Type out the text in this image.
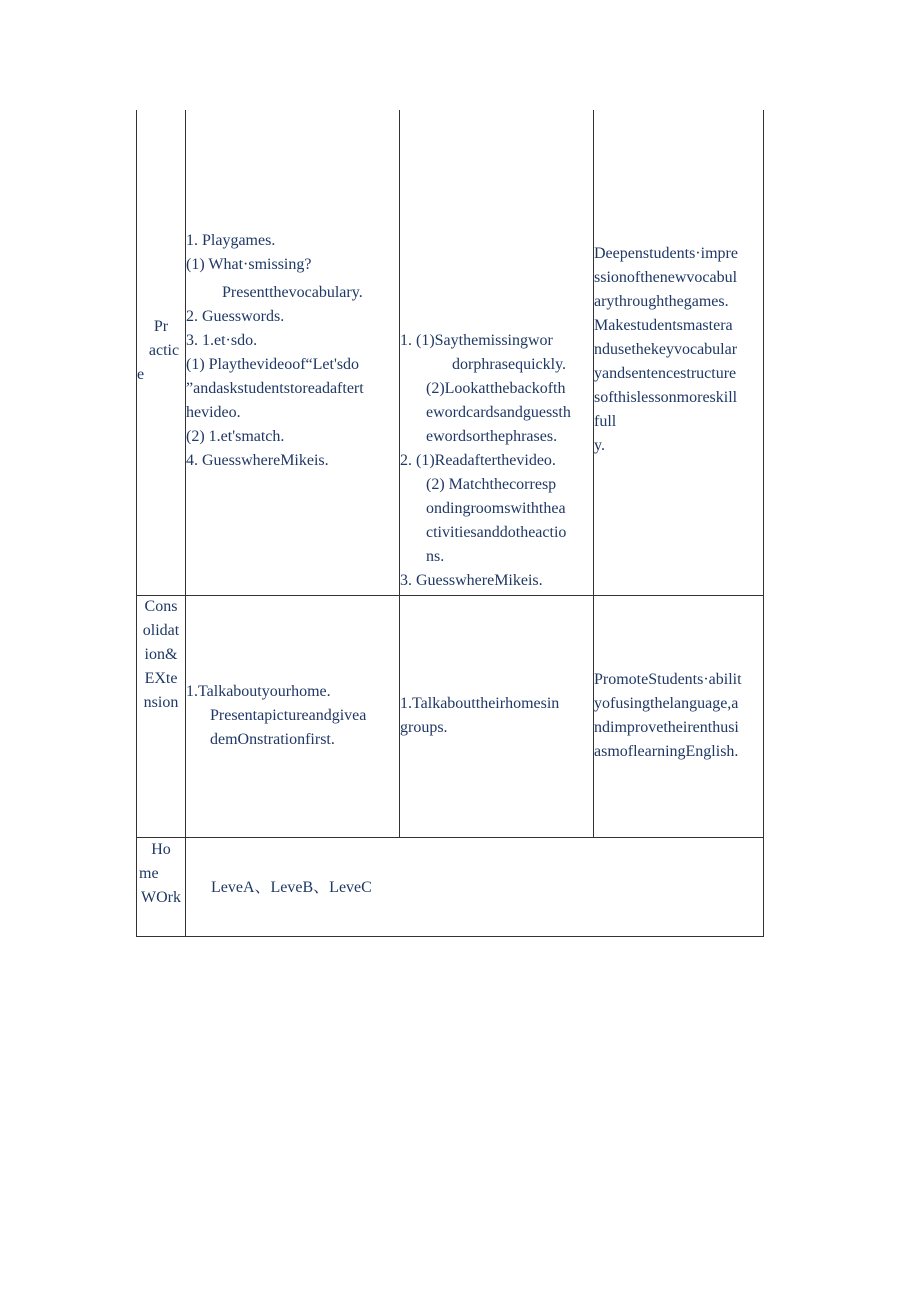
Pr
actic
e
1. Playgames.
(1) What·smissing?
Presentthevocabulary.
2. Guesswords.
3. 1.et·sdo.
(1) Playthevideoof“Let'sdo
”andaskstudentstoreadaftert
hevideo.
(2) 1.et'smatch.
4. GuesswhereMikeis.
1. (1)Saythemissingwor
dorphrasequickly.
(2)Lookatthebackofth
ewordcardsandguessth
ewordsorthephrases.
2. (1)Readafterthevideo.
(2) Matchthecorresp
ondingroomswiththea
ctivitiesanddotheactio
ns.
3. GuesswhereMikeis.
Deepenstudents·impre
ssionofthenewvocabul
arythroughthegames.
Makestudentsmastera
ndusethekeyvocabular
yandsentencestructure
softhislessonmoreskill
full
y.
Cons
olidat
ion&
EXte
nsion
1.Talkaboutyourhome.
Presentapictureandgivea
demOnstrationfirst.
1.Talkabouttheirhomesin
groups.
PromoteStudents·abilit
yofusingthelanguage,a
ndimprovetheirenthusi
asmoflearningEnglish.
Ho
me
WOrk
LeveA、LeveB、LeveC
